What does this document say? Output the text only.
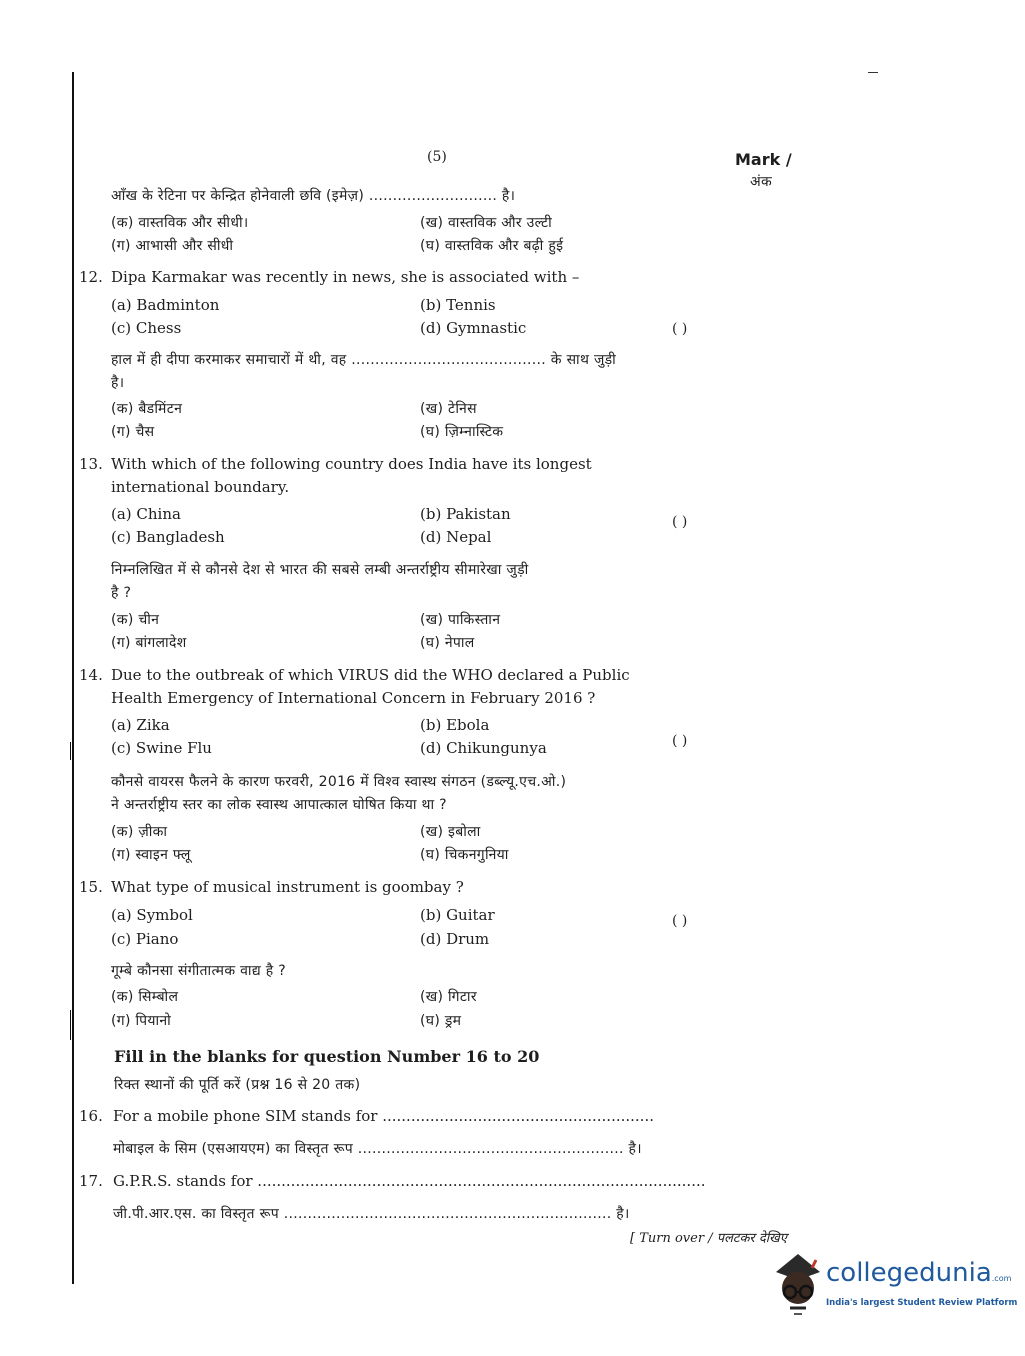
(5)	Mark /
अंक
आँख के रेटिना पर केन्द्रित होनेवाली छवि (इमेज़) ........................... है।
(क) वास्तविक और सीधी।	(ख) वास्तविक और उल्टी
(ग) आभासी और सीधी	(घ) वास्तविक और बढ़ी हुई
12. Dipa Karmakar was recently in news, she is associated with –
(a) Badminton	(b) Tennis
(c) Chess	(d) Gymnastic	( )
हाल में ही दीपा करमाकर समाचारों में थी, वह ......................................... के साथ जुड़ी
है।
(क) बैडमिंटन	(ख) टेनिस
(ग) चैस	(घ) ज़िम्नास्टिक
13. With which of the following country does India have its longest
international boundary.
(a) China	(b) Pakistan
(c) Bangladesh	(d) Nepal
( )
निम्नलिखित में से कौनसे देश से भारत की सबसे लम्बी अन्तर्राष्ट्रीय सीमारेखा जुड़ी
है ?
(क) चीन	(ख) पाकिस्तान
(ग) बांगलादेश	(घ) नेपाल
14. Due to the outbreak of which VIRUS did the WHO declared a Public
Health Emergency of International Concern in February 2016 ?
(a) Zika	(b) Ebola
(c) Swine Flu	(d) Chikungunya	( )
कौनसे वायरस फैलने के कारण फरवरी, 2016 में विश्व स्वास्थ संगठन (डब्ल्यू.एच.ओ.)
ने अन्तर्राष्ट्रीय स्तर का लोक स्वास्थ आपात्काल घोषित किया था ?
(क) ज़ीका	(ख) इबोला
(ग) स्वाइन फ्लू	(घ) चिकनगुनिया
15. What type of musical instrument is goombay ?
(a) Symbol	(b) Guitar
(c) Piano	(d) Drum
( )
गूम्बे कौनसा संगीतात्मक वाद्य है ?
(क) सिम्बोल	(ख) गिटार
(ग) पियानो	(घ) ड्रम
Fill in the blanks for question Number 16 to 20
रिक्त स्थानों की पूर्ति करें (प्रश्न 16 से 20 तक)
16. For a mobile phone SIM stands for .........................................................
मोबाइल के सिम (एसआयएम) का विस्तृत रूप ........................................................ है।
17. G.P.R.S. stands for ..............................................................................................
जी.पी.आर.एस. का विस्तृत रूप ..................................................................... है।
[ Turn over / पलटकर देखिए
collegedunia.com
India's largest Student Review Platform
